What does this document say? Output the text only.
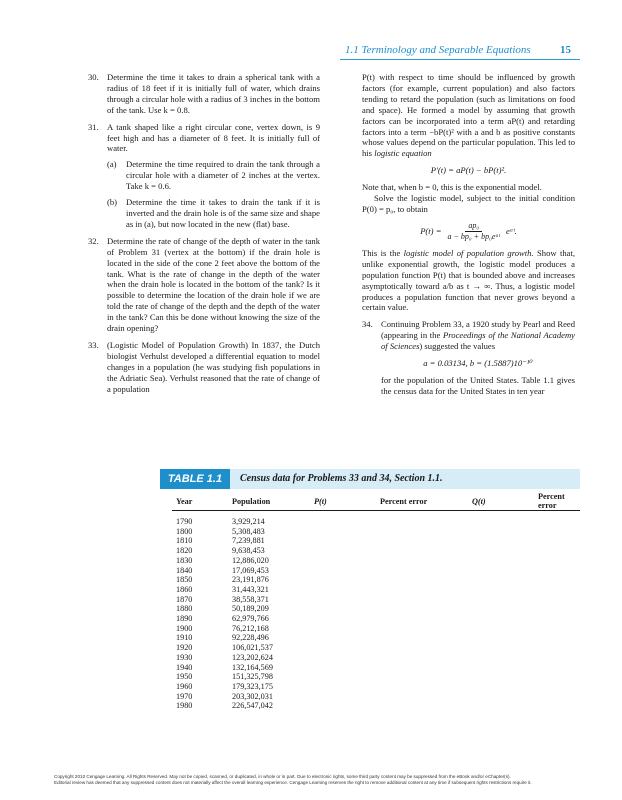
1.1 Terminology and Separable Equations	15
30. Determine the time it takes to drain a spherical tank with a radius of 18 feet if it is initially full of water, which drains through a circular hole with a radius of 3 inches in the bottom of the tank. Use k = 0.8.
31. A tank shaped like a right circular cone, vertex down, is 9 feet high and has a diameter of 8 feet. It is initially full of water.
(a) Determine the time required to drain the tank through a circular hole with a diameter of 2 inches at the vertex. Take k = 0.6.
(b) Determine the time it takes to drain the tank if it is inverted and the drain hole is of the same size and shape as in (a), but now located in the new (flat) base.
32. Determine the rate of change of the depth of water in the tank of Problem 31 (vertex at the bottom) if the drain hole is located in the side of the cone 2 feet above the bottom of the tank. What is the rate of change in the depth of the water when the drain hole is located in the bottom of the tank? Is it possible to determine the location of the drain hole if we are told the rate of change of the depth and the depth of the water in the tank? Can this be done without knowing the size of the drain opening?
33. (Logistic Model of Population Growth) In 1837, the Dutch biologist Verhulst developed a differential equation to model changes in a population (he was studying fish populations in the Adriatic Sea). Verhulst reasoned that the rate of change of a population

P(t) with respect to time should be influenced by growth factors (for example, current population) and also factors tending to retard the population (such as limitations on food and space). He formed a model by assuming that growth factors can be incorporated into a term aP(t) and retarding factors into a term −bP(t)² with a and b as positive constants whose values depend on the particular population. This led to his logistic equation

P′(t) = aP(t) − bP(t)².

Note that, when b = 0, this is the exponential model.

Solve the logistic model, subject to the initial condition P(0) = p₀, to obtain

$P(t) = \frac{\text{ap₀}}{\text{a − bp₀ + bp₀eᵃᵗ}}$ eᵃᵗ.

This is the logistic model of population growth. Show that, unlike exponential growth, the logistic model produces a population function P(t) that is bounded above and increases asymptotically toward a/b as t → ∞. Thus, a logistic model produces a population function that never grows beyond a certain value.

34. Continuing Problem 33, a 1920 study by Pearl and Reed (appearing in the Proceedings of the National Academy of Sciences) suggested the values
a = 0.03134, b = (1.5887)10⁻¹⁰

for the population of the United States. Table 1.1 gives the census data for the United States in ten year

TABLE 1.1	Census data for Problems 33 and 34, Section 1.1.
Year	Population	P(t)	Percent error	Q(t)	Percent error
1790	3,929,214				
1800	5,308,483				
1810	7,239,881				
1820	9,638,453				
1830	12,886,020				
1840	17,069,453				
1850	23,191,876				
1860	31,443,321				
1870	38,558,371				
1880	50,189,209				
1890	62,979,766				
1900	76,212,168				
1910	92,228,496				
1920	106,021,537				
1930	123,202,624				
1940	132,164,569				
1950	151,325,798				
1960	179,323,175				
1970	203,302,031				
1980	226,547,042				
Copyright 2010 Cengage Learning. All Rights Reserved. May not be copied, scanned, or duplicated, in whole or in part. Due to electronic rights, some third party content may be suppressed from the eBook and/or eChapter(s).
Editorial review has deemed that any suppressed content does not materially affect the overall learning experience. Cengage Learning reserves the right to remove additional content at any time if subsequent rights restrictions require it.
